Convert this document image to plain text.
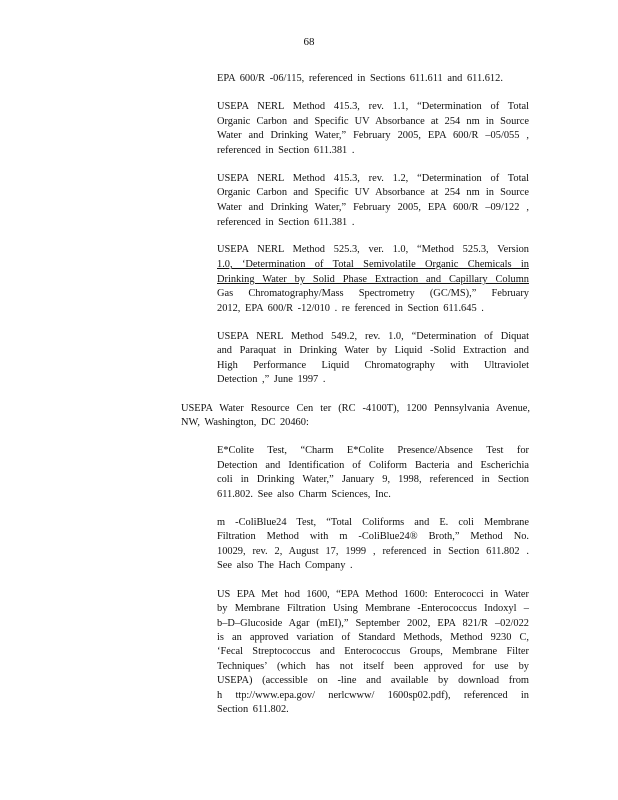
68
EPA 600/R -06/115, referenced in Sections 611.611 and 611.612.
USEPA NERL Method 415.3, rev. 1.1, “Determination of Total
Organic Carbon and Specific UV Absorbance at 254 nm in Source
Water and Drinking Water,” February 2005, EPA 600/R –05/055 ,
referenced in Section 611.381 .
USEPA NERL Method 415.3, rev. 1.2, “Determination of Total
Organic Carbon and Specific UV Absorbance at 254 nm in Source
Water and Drinking Water,” February 2005, EPA 600/R –09/122 ,
referenced in Section 611.381 .
USEPA NERL Method 525.3, ver. 1.0, “Method 525.3, Version
1.0, ‘Determination of Total Semivolatile Organic Chemicals in
Drinking Water by Solid Phase Extraction and Capillary Column
Gas Chromatography/Mass Spectrometry (GC/MS),” February
2012, EPA 600/R -12/010 . re ferenced in Section 611.645 .
USEPA NERL Method 549.2, rev. 1.0, “Determination of Diquat
and Paraquat in Drinking Water by Liquid -Solid Extraction and
High Performance Liquid Chromatography with Ultraviolet
Detection ,” June 1997 .
USEPA Water Resource Cen ter (RC -4100T), 1200 Pennsylvania Avenue,
NW, Washington, DC 20460:
E*Colite Test, “Charm E*Colite Presence/Absence Test for
Detection and Identification of Coliform Bacteria and Escherichia
coli in Drinking Water,” January 9, 1998, referenced in Section
611.802. See also Charm Sciences, Inc.
m -ColiBlue24 Test, “Total Coliforms and E. coli Membrane
Filtration Method with m -ColiBlue24® Broth,” Method No.
10029, rev. 2, August 17, 1999 , referenced in Section 611.802 .
See also The Hach Company .
US EPA Met hod 1600, “EPA Method 1600: Enterococci in Water
by Membrane Filtration Using Membrane -Enterococcus Indoxyl –
b–D–Glucoside Agar (mEI),” September 2002, EPA 821/R –02/022
is an approved variation of Standard Methods, Method 9230 C,
‘Fecal Streptococcus and Enterococcus Groups, Membrane Filter
Techniques’ (which has not itself been approved for use by
USEPA) (accessible on -line and available by download from
h ttp://www.epa.gov/ nerlcwww/ 1600sp02.pdf), referenced in
Section 611.802.
